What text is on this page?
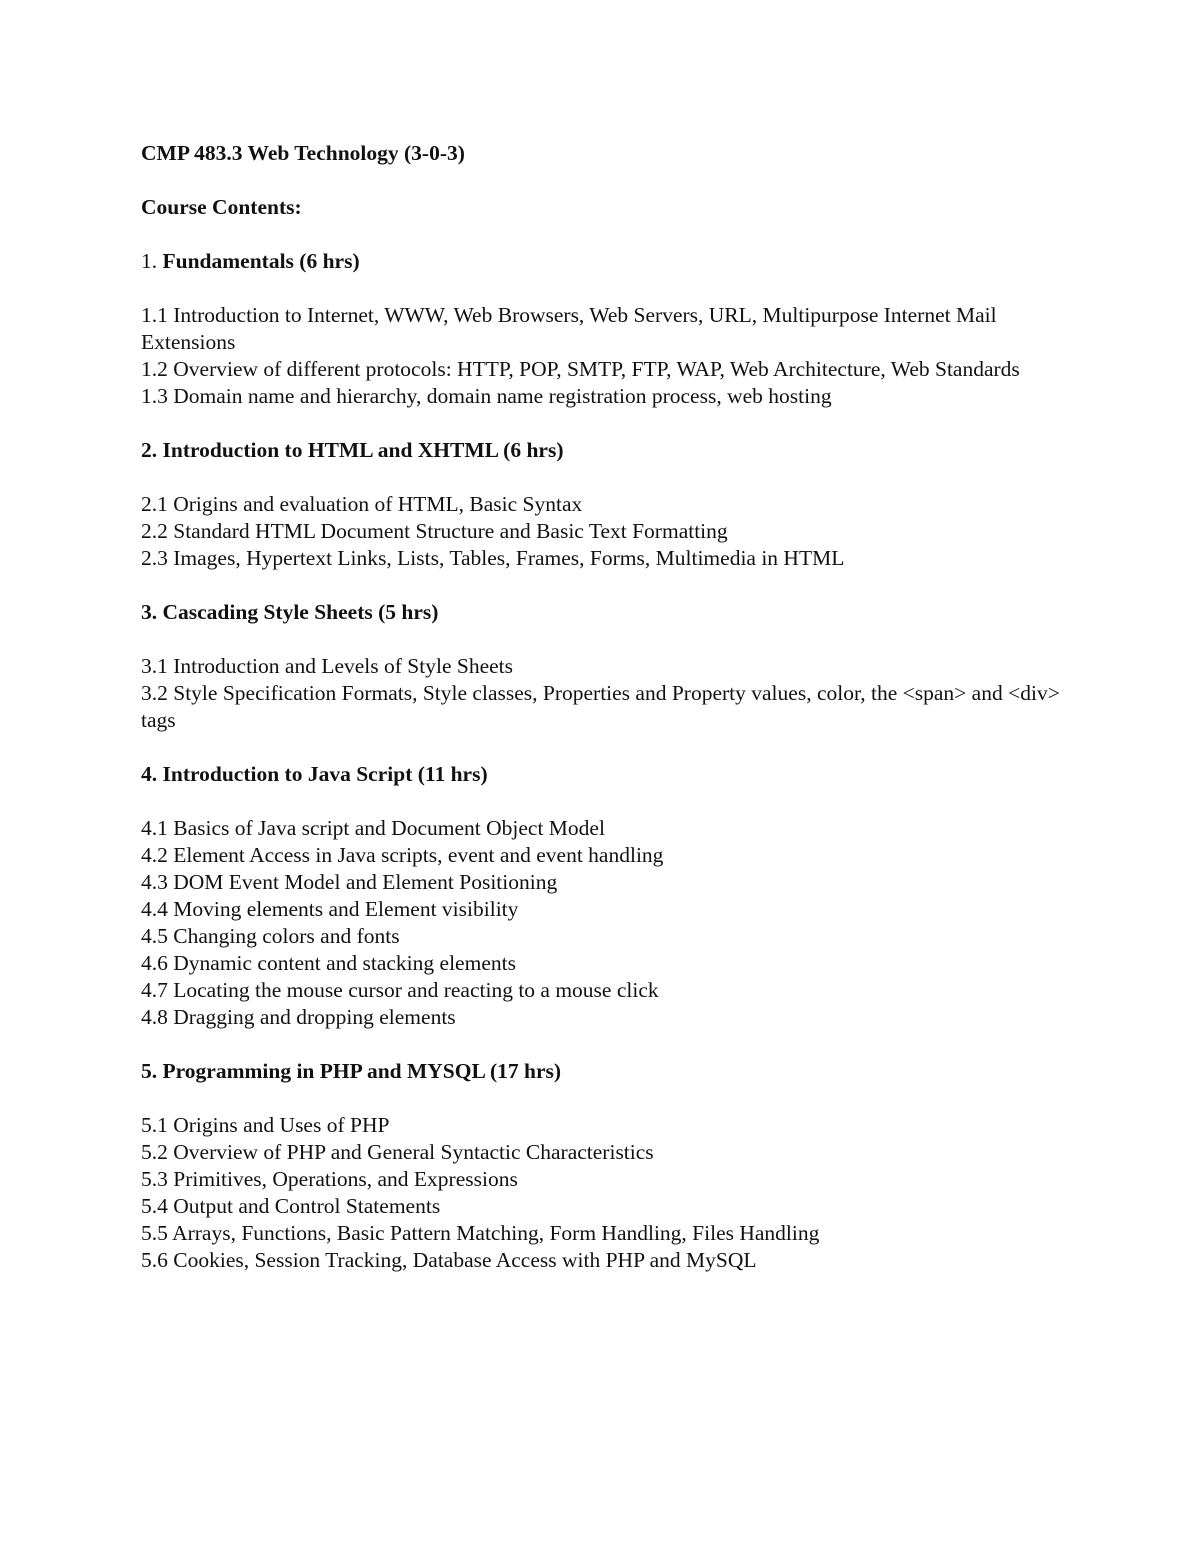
CMP 483.3 Web Technology (3-0-3)

Course Contents:

1. Fundamentals (6 hrs)

1.1 Introduction to Internet, WWW, Web Browsers, Web Servers, URL, Multipurpose Internet Mail Extensions

1.2 Overview of different protocols: HTTP, POP, SMTP, FTP, WAP, Web Architecture, Web Standards

1.3 Domain name and hierarchy, domain name registration process, web hosting

2. Introduction to HTML and XHTML (6 hrs)

2.1 Origins and evaluation of HTML, Basic Syntax

2.2 Standard HTML Document Structure and Basic Text Formatting

2.3 Images, Hypertext Links, Lists, Tables, Frames, Forms, Multimedia in HTML

3. Cascading Style Sheets (5 hrs)

3.1 Introduction and Levels of Style Sheets

3.2 Style Specification Formats, Style classes, Properties and Property values, color, the <span> and <div> tags

4. Introduction to Java Script (11 hrs)

4.1 Basics of Java script and Document Object Model

4.2 Element Access in Java scripts, event and event handling

4.3 DOM Event Model and Element Positioning

4.4 Moving elements and Element visibility

4.5 Changing colors and fonts

4.6 Dynamic content and stacking elements

4.7 Locating the mouse cursor and reacting to a mouse click

4.8 Dragging and dropping elements

5. Programming in PHP and MYSQL (17 hrs)

5.1 Origins and Uses of PHP

5.2 Overview of PHP and General Syntactic Characteristics

5.3 Primitives, Operations, and Expressions

5.4 Output and Control Statements

5.5 Arrays, Functions, Basic Pattern Matching, Form Handling, Files Handling

5.6 Cookies, Session Tracking, Database Access with PHP and MySQL
